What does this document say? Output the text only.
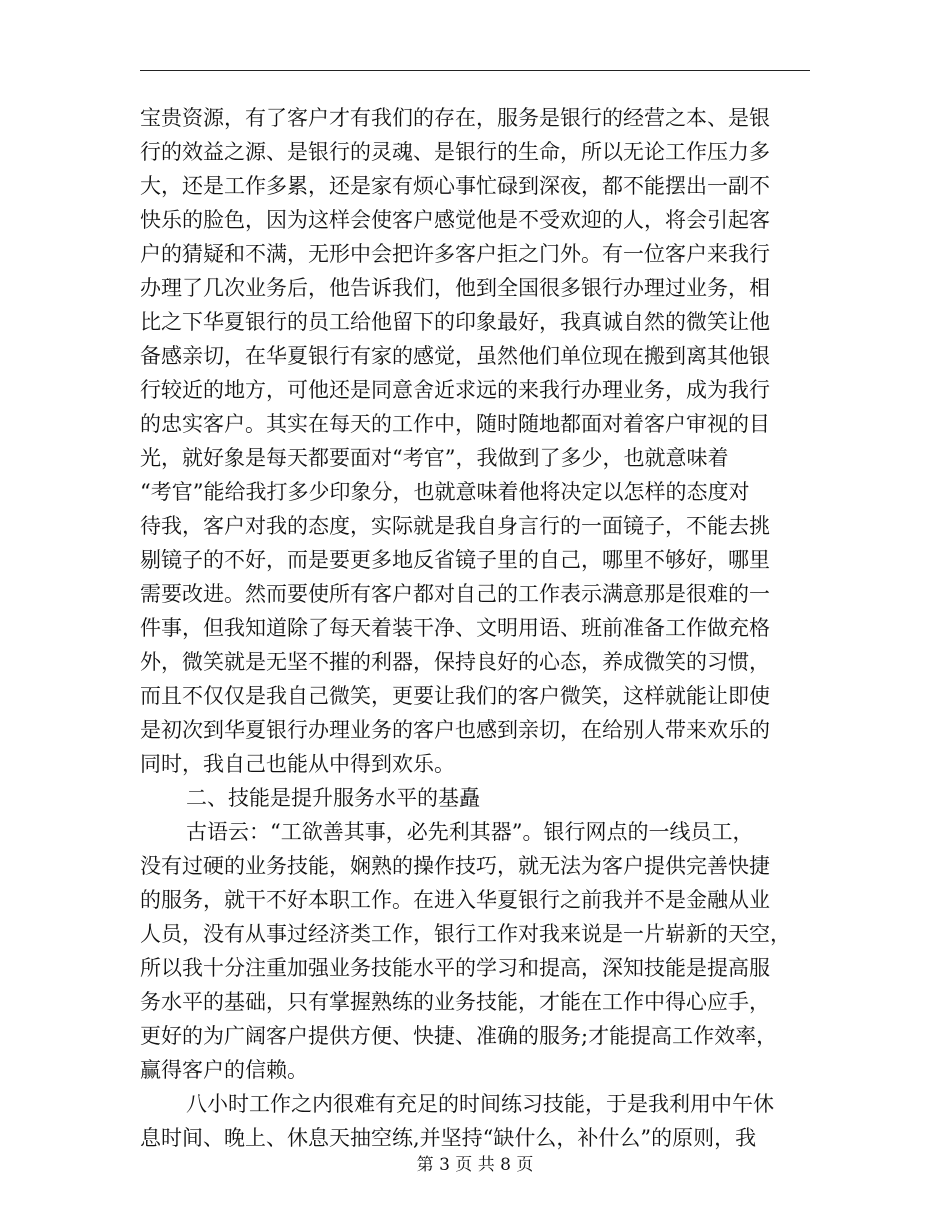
宝贵资源，有了客户才有我们的存在，服务是银行的经营之本、是银
行的效益之源、是银行的灵魂、是银行的生命，所以无论工作压力多
大，还是工作多累，还是家有烦心事忙碌到深夜，都不能摆出一副不
快乐的脸色，因为这样会使客户感觉他是不受欢迎的人，将会引起客
户的猜疑和不满，无形中会把许多客户拒之门外。有一位客户来我行
办理了几次业务后，他告诉我们，他到全国很多银行办理过业务，相
比之下华夏银行的员工给他留下的印象最好，我真诚自然的微笑让他
备感亲切，在华夏银行有家的感觉，虽然他们单位现在搬到离其他银
行较近的地方，可他还是同意舍近求远的来我行办理业务，成为我行
的忠实客户。其实在每天的工作中，随时随地都面对着客户审视的目
光，就好象是每天都要面对“考官”，我做到了多少，也就意味着
“考官”能给我打多少印象分，也就意味着他将决定以怎样的态度对
待我，客户对我的态度，实际就是我自身言行的一面镜子，不能去挑
剔镜子的不好，而是要更多地反省镜子里的自己，哪里不够好，哪里
需要改进。然而要使所有客户都对自己的工作表示满意那是很难的一
件事，但我知道除了每天着装干净、文明用语、班前准备工作做充格
外，微笑就是无坚不摧的利器，保持良好的心态，养成微笑的习惯，
而且不仅仅是我自己微笑，更要让我们的客户微笑，这样就能让即使
是初次到华夏银行办理业务的客户也感到亲切，在给别人带来欢乐的
同时，我自己也能从中得到欢乐。
二、技能是提升服务水平的基矗
古语云：“工欲善其事，必先利其器”。银行网点的一线员工，
没有过硬的业务技能，娴熟的操作技巧，就无法为客户提供完善快捷
的服务，就干不好本职工作。在进入华夏银行之前我并不是金融从业
人员，没有从事过经济类工作，银行工作对我来说是一片崭新的天空，
所以我十分注重加强业务技能水平的学习和提高，深知技能是提高服
务水平的基础，只有掌握熟练的业务技能，才能在工作中得心应手，
更好的为广阔客户提供方便、快捷、准确的服务;才能提高工作效率，
赢得客户的信赖。
八小时工作之内很难有充足的时间练习技能，于是我利用中午休
息时间、晚上、休息天抽空练,并坚持“缺什么，补什么”的原则，我
第 3 页 共 8 页
